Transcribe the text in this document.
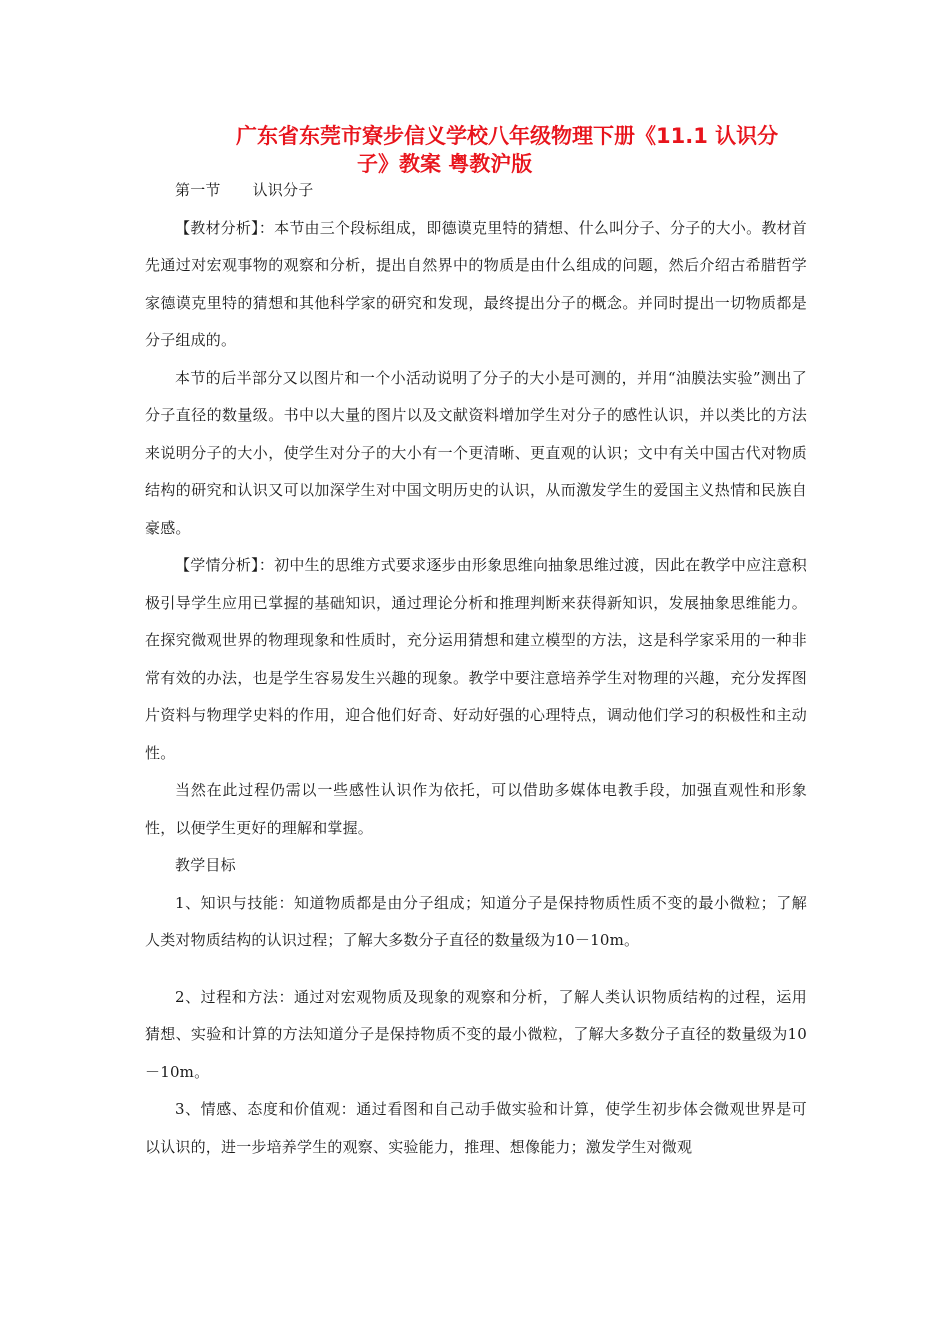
广东省东莞市寮步信义学校八年级物理下册《11.1 认识分
子》教案 粤教沪版

第一节 认识分子

【教材分析】：本节由三个段标组成，即德谟克里特的猜想、什么叫分子、分子的大小。教材首先通过对宏观事物的观察和分析，提出自然界中的物质是由什么组成的问题，然后介绍古希腊哲学家德谟克里特的猜想和其他科学家的研究和发现，最终提出分子的概念。并同时提出一切物质都是分子组成的。

本节的后半部分又以图片和一个小活动说明了分子的大小是可测的，并用“油膜法实验”测出了分子直径的数量级。书中以大量的图片以及文献资料增加学生对分子的感性认识，并以类比的方法来说明分子的大小，使学生对分子的大小有一个更清晰、更直观的认识；文中有关中国古代对物质结构的研究和认识又可以加深学生对中国文明历史的认识，从而激发学生的爱国主义热情和民族自豪感。

【学情分析】：初中生的思维方式要求逐步由形象思维向抽象思维过渡，因此在教学中应注意积极引导学生应用已掌握的基础知识，通过理论分析和推理判断来获得新知识，发展抽象思维能力。在探究微观世界的物理现象和性质时，充分运用猜想和建立模型的方法，这是科学家采用的一种非常有效的办法，也是学生容易发生兴趣的现象。教学中要注意培养学生对物理的兴趣，充分发挥图片资料与物理学史料的作用，迎合他们好奇、好动好强的心理特点，调动他们学习的积极性和主动性。

当然在此过程仍需以一些感性认识作为依托，可以借助多媒体电教手段，加强直观性和形象性，以便学生更好的理解和掌握。

教学目标

1、知识与技能：知道物质都是由分子组成；知道分子是保持物质性质不变的最小微粒；了解人类对物质结构的认识过程；了解大多数分子直径的数量级为10－10m。

2、过程和方法：通过对宏观物质及现象的观察和分析，了解人类认识物质结构的过程，运用猜想、实验和计算的方法知道分子是保持物质不变的最小微粒，了解大多数分子直径的数量级为10－10m。

3、情感、态度和价值观：通过看图和自己动手做实验和计算，使学生初步体会微观世界是可以认识的，进一步培养学生的观察、实验能力，推理、想像能力；激发学生对微观
